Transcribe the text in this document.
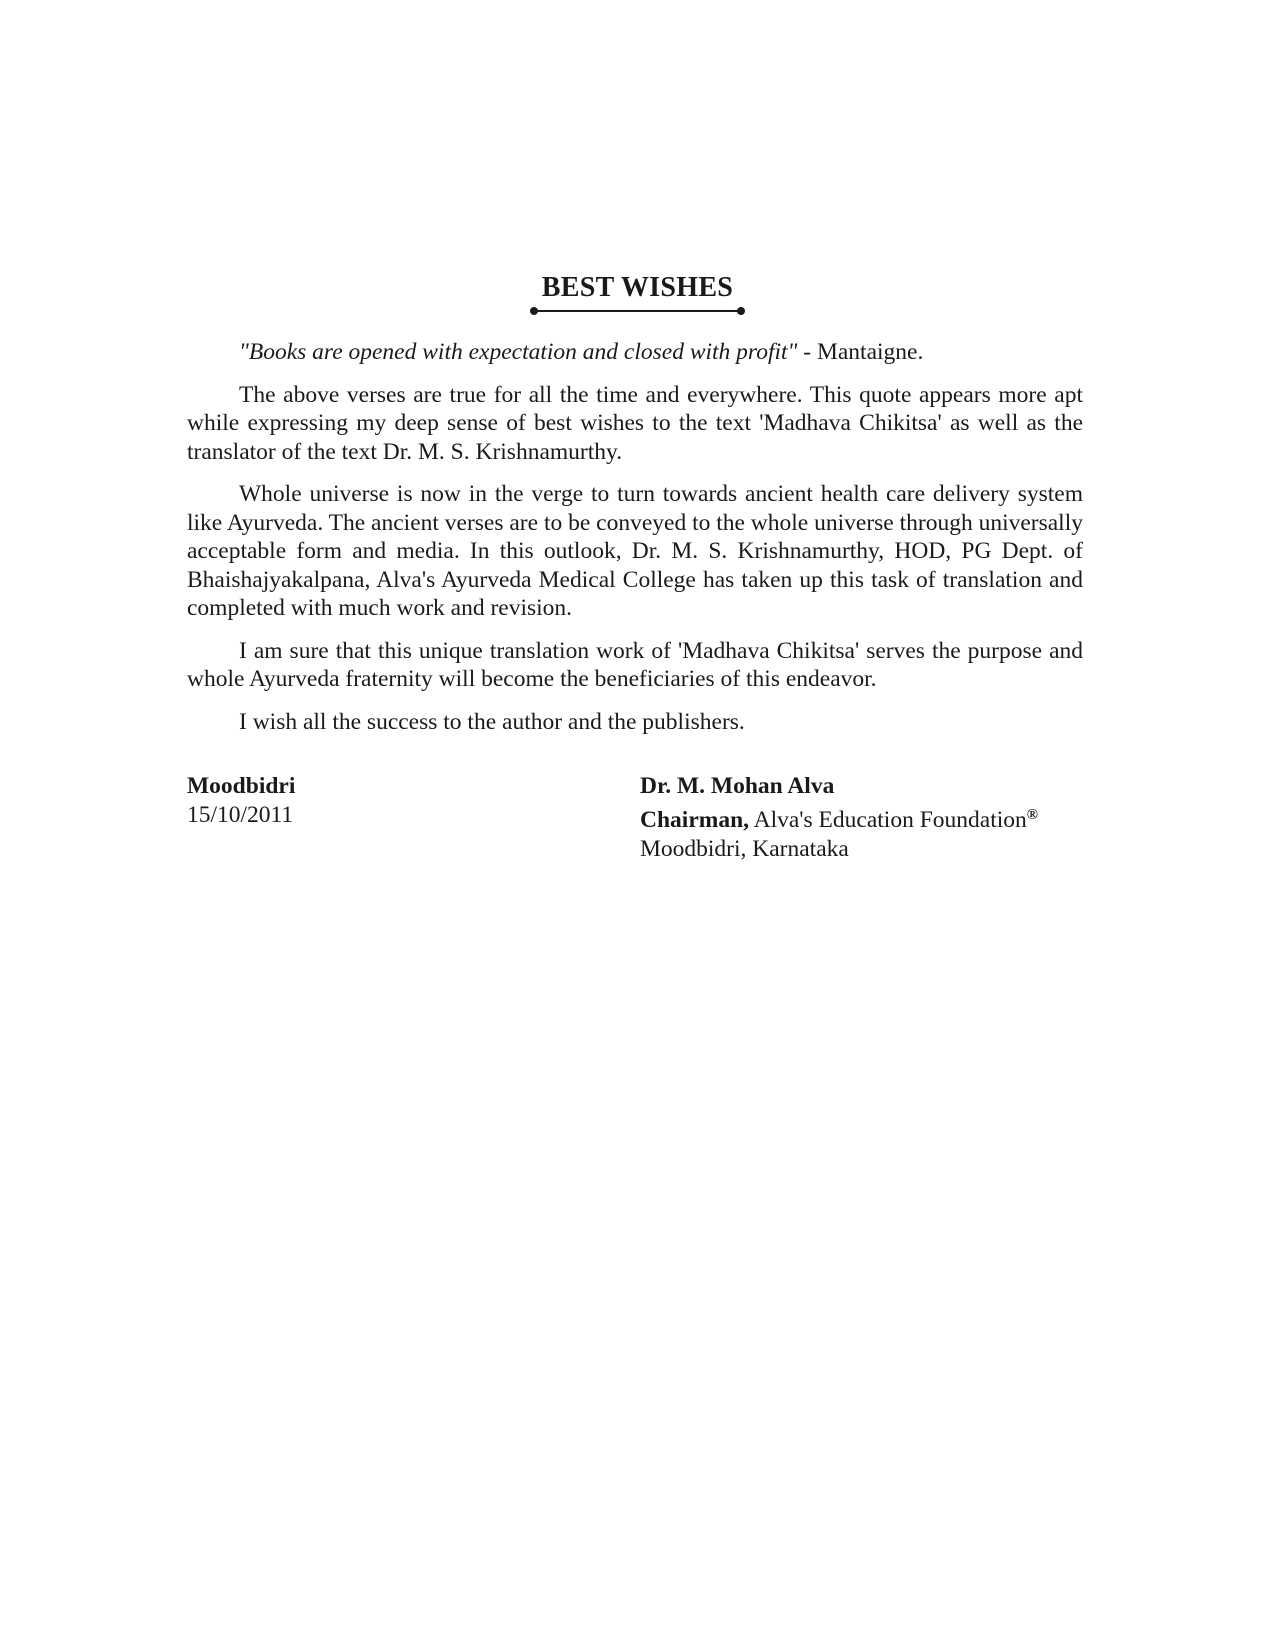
BEST WISHES

"Books are opened with expectation and closed with profit" - Mantaigne.

The above verses are true for all the time and everywhere. This quote appears more apt while expressing my deep sense of best wishes to the text 'Madhava Chikitsa' as well as the translator of the text Dr. M. S. Krishnamurthy.

Whole universe is now in the verge to turn towards ancient health care delivery system like Ayurveda. The ancient verses are to be conveyed to the whole universe through universally acceptable form and media. In this outlook, Dr. M. S. Krishnamurthy, HOD, PG Dept. of Bhaishajyakalpana, Alva's Ayurveda Medical College has taken up this task of translation and completed with much work and revision.

I am sure that this unique translation work of 'Madhava Chikitsa' serves the purpose and whole Ayurveda fraternity will become the beneficiaries of this endeavor.

I wish all the success to the author and the publishers.

Moodbidri
15/10/2011
Dr. M. Mohan Alva
Chairman, Alva's Education Foundation®
Moodbidri, Karnataka
